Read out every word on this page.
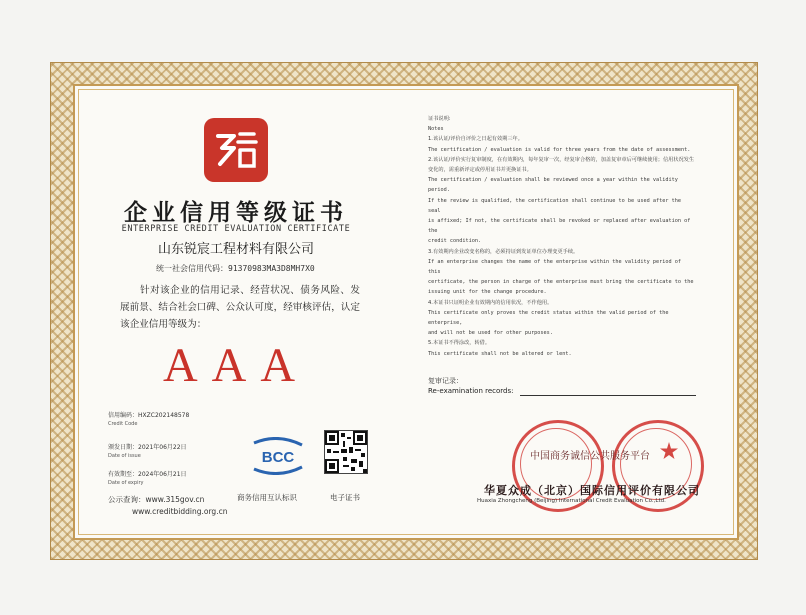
企业信用等级证书
ENTERPRISE CREDIT EVALUATION CERTIFICATE
山东锐宸工程材料有限公司
统一社会信用代码：91370983MA3D8MH7X0
针对该企业的信用记录、经营状况、债务风险、发展前景、结合社会口碑、公众认可度，经审核评估，认定该企业信用等级为：
AAA
信用编码：HXZC202148578
Credit Code
颁发日期：2021年06月22日
Date of issue
有效期至：2024年06月21日
Date of expiry
公示查询：www.315gov.cn
www.creditbidding.org.cn
BCC
商务信用互认标识	电子证书

证书说明:

Notes

1.该认证/评价自评价之日起有效期三年。

The certification / evaluation is valid for three years from the date of assessment.

2.该认证/评价实行复审制度，在有效期内，每年复审一次，经复审合格的，加盖复审章后可继续使用；信用状况发生变化的，需重新评定或停用证书并更换证书。

The certification / evaluation shall be reviewed once a year within the validity period.

If the review is qualified, the certification shall continue to be used after the seal

is affixed; If not, the certificate shall be revoked or replaced after evaluation of the

credit condition.

3.有效期内企业改变名称的，必须持证到发证单位办理变更手续。

If an enterprise changes the name of the enterprise within the validity period of this

certificate, the person in charge of the enterprise must bring the certificate to the

issuing unit for the change procedure.

4.本证书只证明企业有效期内的信用状况，不作他用。

This certificate only proves the credit status within the valid period of the enterprise,

and will not be used for other purposes.

5.本证书不得涂改，转借。

This certificate shall not be altered or lent.

复审记录：
Re-examination records:
中国商务诚信公共服务平台
华夏众成（北京）国际信用评价有限公司
Huaxia Zhongcheng (Beijing) International Credit Evaluation Co.,Ltd.
